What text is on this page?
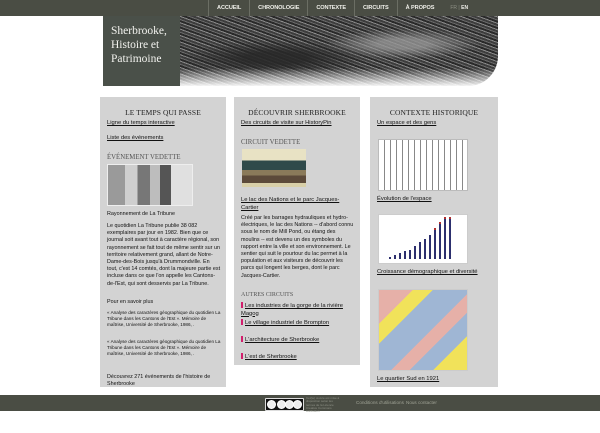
ACCUEIL	CHRONOLOGIE	CONTEXTE	CIRCUITS	À PROPOS	FR | EN
Sherbrooke,
Histoire et
Patrimoine
LE TEMPS QUI PASSE
Ligne du temps interactive
Liste des événements
ÉVÉNEMENT VEDETTE
Rayonnement de La Tribune
Le quotidien La Tribune publie 38 082 exemplaires par jour en 1982. Bien que ce journal soit avant tout à caractère régional, son rayonnement se fait tout de même sentir sur un territoire relativement grand, allant de Notre-Dame-des-Bois jusqu'à Drummondville. En tout, c'est 14 comtés, dont la majeure partie est incluse dans ce que l'on appelle les Cantons-de-l'Est, qui sont desservis par La Tribune.
Pour en savoir plus
« Analyse des caractères géographique du quotidien La Tribune dans les Cantons de l'Est ». Mémoire de maîtrise, Université de Sherbrooke, 1986, .
« Analyse des caractères géographique du quotidien La Tribune dans les Cantons de l'Est ». Mémoire de maîtrise, Université de Sherbrooke, 1986, .
Découvrez 271 événements de l'histoire de Sherbrooke
DÉCOUVRIR SHERBROOKE
Des circuits de visite sur HistoryPin
CIRCUIT VEDETTE
Le lac des Nations et le parc Jacques-Cartier
Créé par les barrages hydrauliques et hydro-électriques, le lac des Nations -- d'abord connu sous le nom de Mill Pond, ou étang des moulins -- est devenu un des symboles du rapport entre la ville et son environnement. Le sentier qui suit le pourtour du lac permet à la population et aux visiteurs de découvrir les parcs qui longent les berges, dont le parc Jacques-Cartier.
AUTRES CIRCUITS
Les industries de la gorge de la rivière Magog
Le village industriel de Brompton
L'architecture de Sherbrooke
L'est de Sherbrooke
CONTEXTE HISTORIQUE
Un espace et des gens
Évolution de l'espace
Croissance démographique et diversité
Le quartier Sud en 1921
Cet(te) œuvre est mise à disposition selon les termes de la Licence Creative Commons Attribution
Conditions d'utilisations Nous contacter
